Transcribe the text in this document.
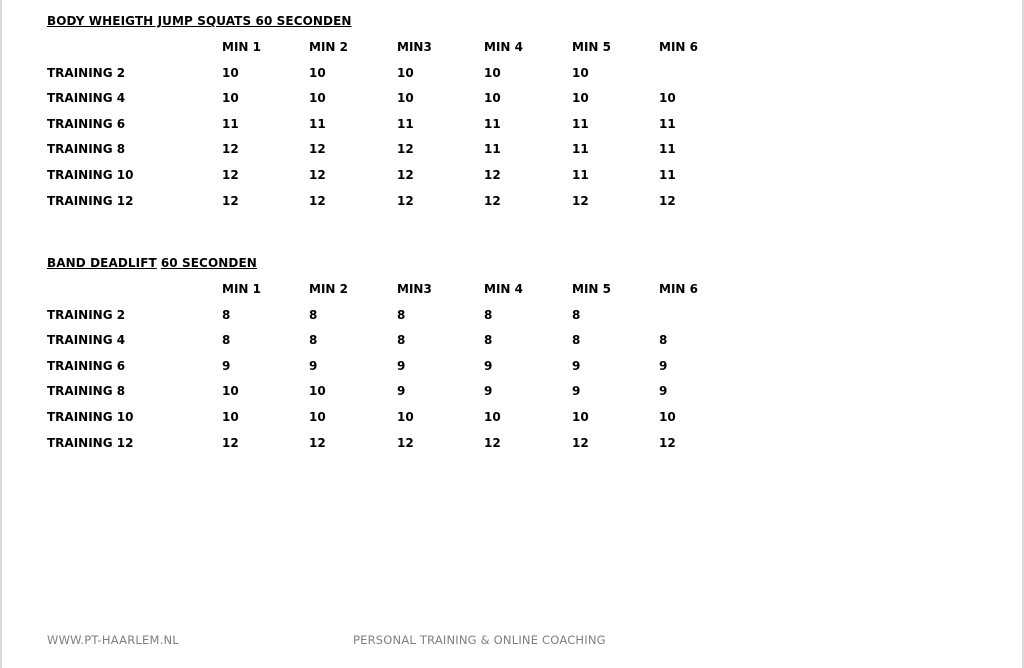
BODY WHEIGTH JUMP SQUATS 60 SECONDEN
MIN 1	MIN 2	MIN3	MIN 4	MIN 5	MIN 6
TRAINING 2	10	10	10	10	10
TRAINING 4	10	10	10	10	10	10
TRAINING 6	11	11	11	11	11	11
TRAINING 8	12	12	12	11	11	11
TRAINING 10	12	12	12	12	11	11
TRAINING 12	12	12	12	12	12	12
BAND DEADLIFT 60 SECONDEN
MIN 1	MIN 2	MIN3	MIN 4	MIN 5	MIN 6
TRAINING 2	8	8	8	8	8
TRAINING 4	8	8	8	8	8	8
TRAINING 6	9	9	9	9	9	9
TRAINING 8	10	10	9	9	9	9
TRAINING 10	10	10	10	10	10	10
TRAINING 12	12	12	12	12	12	12
WWW.PT-HAARLEM.NL	PERSONAL TRAINING & ONLINE COACHING
